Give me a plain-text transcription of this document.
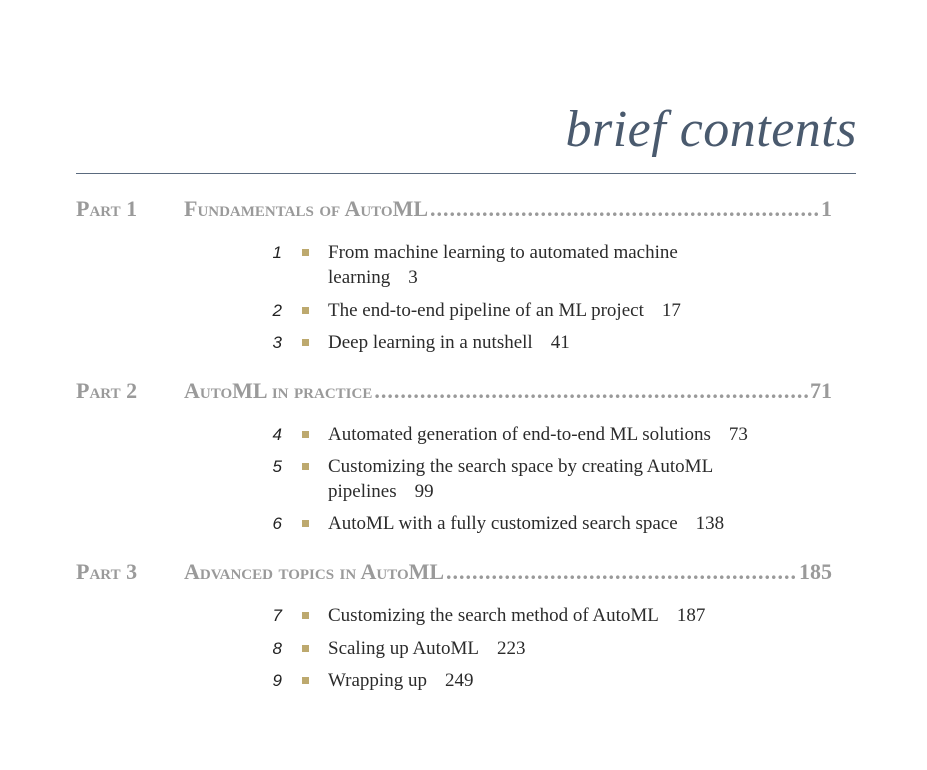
brief contents
Part 1	Fundamentals of AutoML .....	1
1 From machine learning to automated machine learning 3
2 The end-to-end pipeline of an ML project 17
3 Deep learning in a nutshell 41
Part 2	AutoML in practice .....	71
4 Automated generation of end-to-end ML solutions 73
5 Customizing the search space by creating AutoML pipelines 99
6 AutoML with a fully customized search space 138
Part 3	Advanced topics in AutoML .....	185
7 Customizing the search method of AutoML 187
8 Scaling up AutoML 223
9 Wrapping up 249
